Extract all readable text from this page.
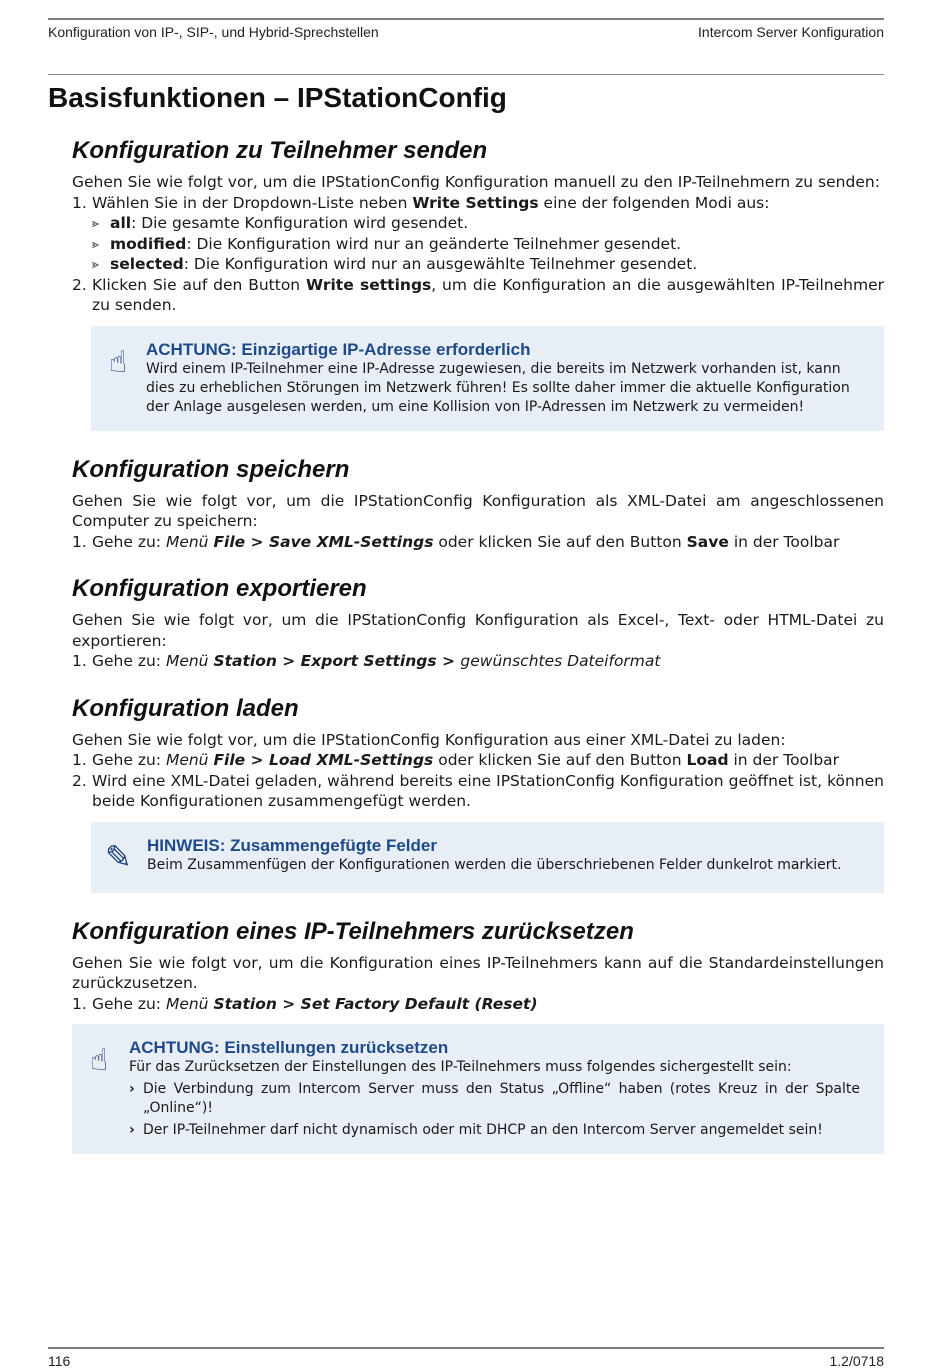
Konfiguration von IP-, SIP-, und Hybrid-Sprechstellen	Intercom Server Konfiguration
Basisfunktionen – IPStationConfig
Konfiguration zu Teilnehmer senden

Gehen Sie wie folgt vor, um die IPStationConfig Konfiguration manuell zu den IP-Teilnehmern zu senden:

1. Wählen Sie in der Dropdown-Liste neben Write Settings eine der folgenden Modi aus:
⪢ all: Die gesamte Konfiguration wird gesendet.
⪢ modified: Die Konfiguration wird nur an geänderte Teilnehmer gesendet.
⪢ selected: Die Konfiguration wird nur an ausgewählte Teilnehmer gesendet.
2. Klicken Sie auf den Button Write settings, um die Konfiguration an die ausgewählten IP-Teilnehmer zu senden.
☝ ACHTUNG: Einzigartige IP-Adresse erforderlich
Wird einem IP-Teilnehmer eine IP-Adresse zugewiesen, die bereits im Netzwerk vorhanden ist, kann dies zu erheblichen Störungen im Netzwerk führen! Es sollte daher immer die aktuelle Konfiguration der Anlage ausgelesen werden, um eine Kollision von IP-Adressen im Netzwerk zu vermeiden!
Konfiguration speichern

Gehen Sie wie folgt vor, um die IPStationConfig Konfiguration als XML-Datei am angeschlossenen Computer zu speichern:

1. Gehe zu: Menü File > Save XML-Settings oder klicken Sie auf den Button Save in der Toolbar
Konfiguration exportieren

Gehen Sie wie folgt vor, um die IPStationConfig Konfiguration als Excel-, Text- oder HTML-Datei zu exportieren:

1. Gehe zu: Menü Station > Export Settings > gewünschtes Dateiformat
Konfiguration laden

Gehen Sie wie folgt vor, um die IPStationConfig Konfiguration aus einer XML-Datei zu laden:

1. Gehe zu: Menü File > Load XML-Settings oder klicken Sie auf den Button Load in der Toolbar
2. Wird eine XML-Datei geladen, während bereits eine IPStationConfig Konfiguration geöffnet ist, können beide Konfigurationen zusammengefügt werden.
✎ HINWEIS: Zusammengefügte Felder
Beim Zusammenfügen der Konfigurationen werden die überschriebenen Felder dunkelrot markiert.
Konfiguration eines IP-Teilnehmers zurücksetzen

Gehen Sie wie folgt vor, um die Konfiguration eines IP-Teilnehmers kann auf die Standardeinstellungen zurückzusetzen.

1. Gehe zu: Menü Station > Set Factory Default (Reset)
☝ ACHTUNG: Einstellungen zurücksetzen
Für das Zurücksetzen der Einstellungen des IP-Teilnehmers muss folgendes sichergestellt sein:
› Die Verbindung zum Intercom Server muss den Status „Offline“ haben (rotes Kreuz in der Spalte „Online“)!
› Der IP-Teilnehmer darf nicht dynamisch oder mit DHCP an den Intercom Server angemeldet sein!
116	1.2/0718
